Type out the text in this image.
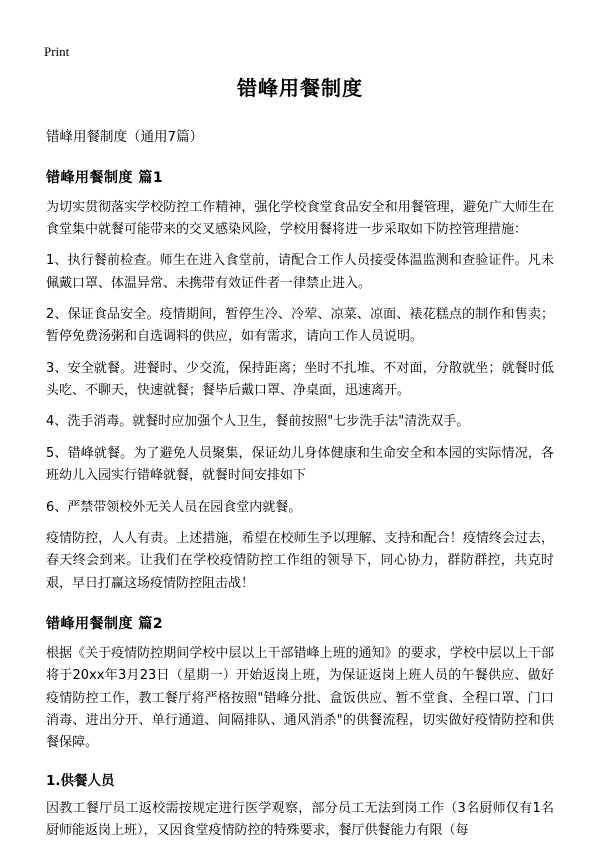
Print
错峰用餐制度
错峰用餐制度（通用7篇）
错峰用餐制度 篇1

为切实贯彻落实学校防控工作精神，强化学校食堂食品安全和用餐管理，避免广大师生在食堂集中就餐可能带来的交叉感染风险，学校用餐将进一步采取如下防控管理措施：

1、执行餐前检查。师生在进入食堂前，请配合工作人员接受体温监测和查验证件。凡未佩戴口罩、体温异常、未携带有效证件者一律禁止进入。

2、保证食品安全。疫情期间，暂停生冷、冷荤、凉菜、凉面、裱花糕点的制作和售卖；暂停免费汤粥和自选调料的供应，如有需求，请向工作人员说明。

3、安全就餐。进餐时、少交流，保持距离；坐时不扎堆、不对面，分散就坐；就餐时低头吃、不聊天，快速就餐；餐毕后戴口罩、净桌面，迅速离开。

4、洗手消毒。就餐时应加强个人卫生，餐前按照"七步洗手法"清洗双手。

5、错峰就餐。为了避免人员聚集，保证幼儿身体健康和生命安全和本园的实际情况，各班幼儿入园实行错峰就餐，就餐时间安排如下

6、严禁带领校外无关人员在园食堂内就餐。

疫情防控，人人有责。上述措施，希望在校师生予以理解、支持和配合！疫情终会过去，春天终会到来。让我们在学校疫情防控工作组的领导下，同心协力，群防群控，共克时艰，早日打赢这场疫情防控阻击战！

错峰用餐制度 篇2

根据《关于疫情防控期间学校中层以上干部错峰上班的通知》的要求，学校中层以上干部将于20xx年3月23日（星期一）开始返岗上班，为保证返岗上班人员的午餐供应、做好疫情防控工作，教工餐厅将严格按照"错峰分批、盒饭供应、暂不堂食、全程口罩、门口消毒、进出分开、单行通道、间隔排队、通风消杀"的供餐流程，切实做好疫情防控和供餐保障。

1.供餐人员

因教工餐厅员工返校需按规定进行医学观察，部分员工无法到岗工作（3名厨师仅有1名厨师能返岗上班），又因食堂疫情防控的特殊要求，餐厅供餐能力有限（每
